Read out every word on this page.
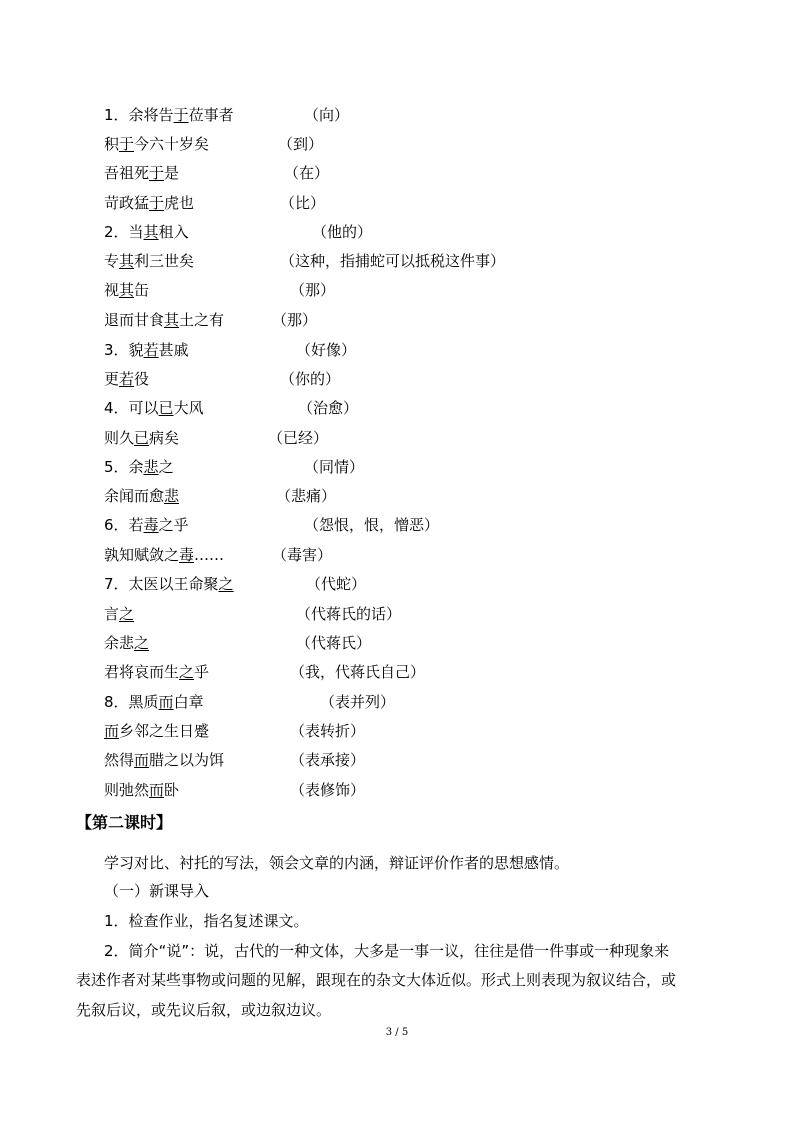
1．余将告于莅事者	（向）
积于今六十岁矣	（到）
吾祖死于是	（在）
苛政猛于虎也	（比）
2．当其租入	（他的）
专其利三世矣	（这种，指捕蛇可以抵税这件事）
视其缶	（那）
退而甘食其土之有	（那）
3．貌若甚戚	（好像）
更若役	（你的）
4．可以已大风	（治愈）
则久已病矣	（已经）
5．余悲之	（同情）
余闻而愈悲	（悲痛）
6．若毒之乎	（怨恨，恨，憎恶）
孰知赋敛之毒……	（毒害）
7．太医以王命聚之	（代蛇）
言之	（代蒋氏的话）
余悲之	（代蒋氏）
君将哀而生之乎	（我，代蒋氏自己）
8．黑质而白章	（表并列）
而乡邻之生日蹙	（表转折）
然得而腊之以为饵	（表承接）
则弛然而卧	（表修饰）
【第二课时】
学习对比、衬托的写法，领会文章的内涵，辩证评价作者的思想感情。
（一）新课导入
1．检查作业，指名复述课文。
2．简介“说”：说，古代的一种文体，大多是一事一议，往往是借一件事或一种现象来
表述作者对某些事物或问题的见解，跟现在的杂文大体近似。形式上则表现为叙议结合，或
先叙后议，或先议后叙，或边叙边议。
3 / 5
